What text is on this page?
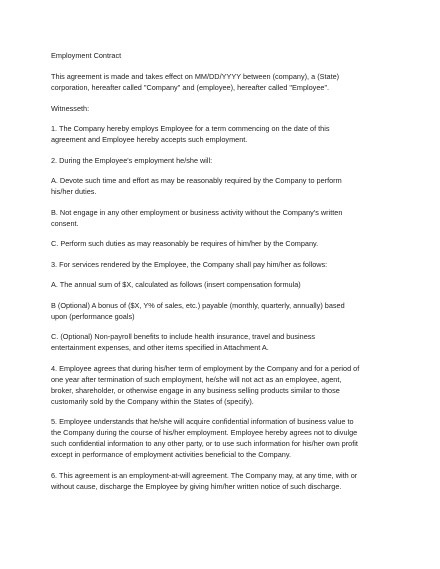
Employment Contract

This agreement is made and takes effect on MM/DD/YYYY between (company), a (State)
corporation, hereafter called "Company" and (employee), hereafter called "Employee".

Witnesseth:

1. The Company hereby employs Employee for a term commencing on the date of this
agreement and Employee hereby accepts such employment.

2. During the Employee's employment he/she will:

A. Devote such time and effort as may be reasonably required by the Company to perform
his/her duties.

B. Not engage in any other employment or business activity without the Company's written
consent.

C. Perform such duties as may reasonably be requires of him/her by the Company.

3. For services rendered by the Employee, the Company shall pay him/her as follows:

A. The annual sum of $X, calculated as follows (insert compensation formula)

B (Optional) A bonus of ($X, Y% of sales, etc.) payable (monthly, quarterly, annually) based
upon (performance goals)

C. (Optional) Non-payroll benefits to include health insurance, travel and business
entertainment expenses, and other items specified in Attachment A.

4. Employee agrees that during his/her term of employment by the Company and for a period of
one year after termination of such employment, he/she will not act as an employee, agent,
broker, shareholder, or otherwise engage in any business selling products similar to those
customarily sold by the Company within the States of (specify).

5. Employee understands that he/she will acquire confidential information of business value to
the Company during the course of his/her employment. Employee hereby agrees not to divulge
such confidential information to any other party, or to use such information for his/her own profit
except in performance of employment activities beneficial to the Company.

6. This agreement is an employment-at-will agreement. The Company may, at any time, with or
without cause, discharge the Employee by giving him/her written notice of such discharge.
